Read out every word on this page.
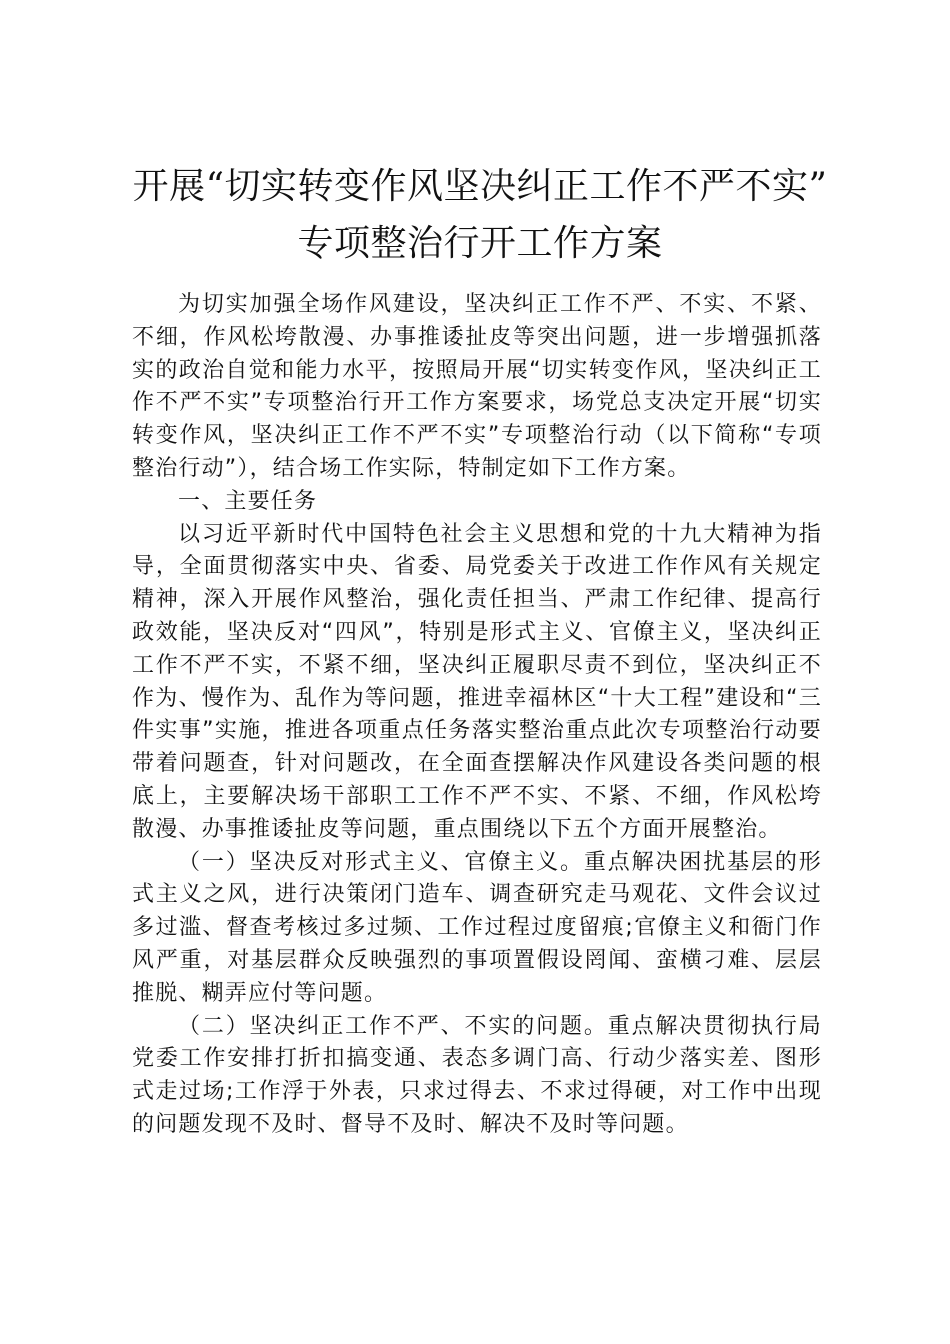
开展“切实转变作风坚决纠正工作不严不实”
专项整治行开工作方案

为切实加强全场作风建设，坚决纠正工作不严、不实、不紧、不细，作风松垮散漫、办事推诿扯皮等突出问题，进一步增强抓落实的政治自觉和能力水平，按照局开展“切实转变作风，坚决纠正工作不严不实”专项整治行开工作方案要求，场党总支决定开展“切实转变作风，坚决纠正工作不严不实”专项整治行动（以下简称“专项整治行动”），结合场工作实际，特制定如下工作方案。

一、主要任务

以习近平新时代中国特色社会主义思想和党的十九大精神为指导，全面贯彻落实中央、省委、局党委关于改进工作作风有关规定精神，深入开展作风整治，强化责任担当、严肃工作纪律、提高行政效能，坚决反对“四风”，特别是形式主义、官僚主义，坚决纠正工作不严不实，不紧不细，坚决纠正履职尽责不到位，坚决纠正不作为、慢作为、乱作为等问题，推进幸福林区“十大工程”建设和“三件实事”实施，推进各项重点任务落实整治重点此次专项整治行动要带着问题查，针对问题改，在全面查摆解决作风建设各类问题的根底上，主要解决场干部职工工作不严不实、不紧、不细，作风松垮散漫、办事推诿扯皮等问题，重点围绕以下五个方面开展整治。

（一）坚决反对形式主义、官僚主义。重点解决困扰基层的形式主义之风，进行决策闭门造车、调查研究走马观花、文件会议过多过滥、督查考核过多过频、工作过程过度留痕;官僚主义和衙门作风严重，对基层群众反映强烈的事项置假设罔闻、蛮横刁难、层层推脱、糊弄应付等问题。

（二）坚决纠正工作不严、不实的问题。重点解决贯彻执行局党委工作安排打折扣搞变通、表态多调门高、行动少落实差、图形式走过场;工作浮于外表，只求过得去、不求过得硬，对工作中出现的问题发现不及时、督导不及时、解决不及时等问题。
